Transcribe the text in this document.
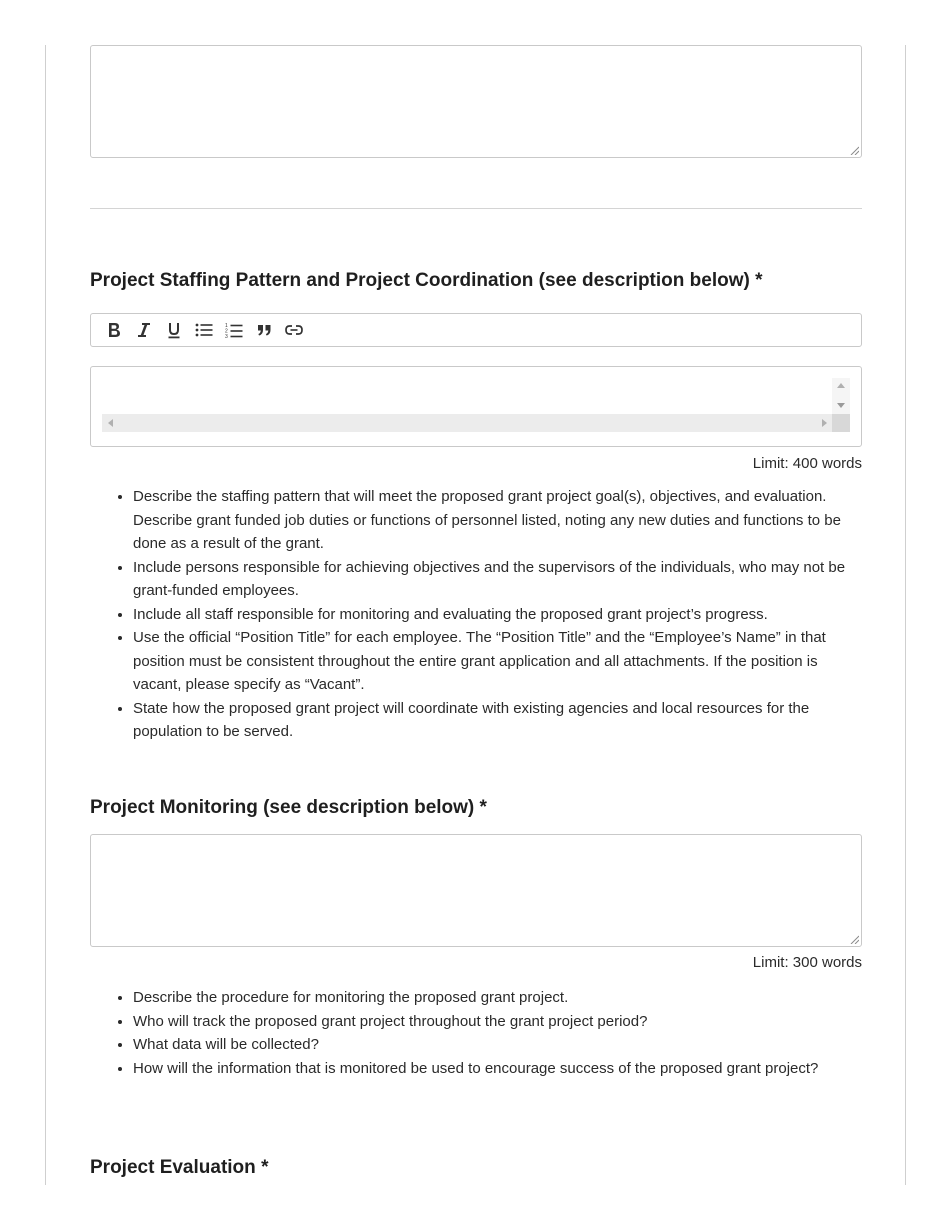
Project Staffing Pattern and Project Coordination (see description below) *
1
2
3
Limit: 400 words
• Describe the staffing pattern that will meet the proposed grant project goal(s), objectives, and evaluation. Describe grant funded job duties or functions of personnel listed, noting any new duties and functions to be done as a result of the grant.
• Include persons responsible for achieving objectives and the supervisors of the individuals, who may not be grant-funded employees.
• Include all staff responsible for monitoring and evaluating the proposed grant project’s progress.
• Use the official “Position Title” for each employee. The “Position Title” and the “Employee’s Name” in that position must be consistent throughout the entire grant application and all attachments. If the position is vacant, please specify as “Vacant”.
• State how the proposed grant project will coordinate with existing agencies and local resources for the population to be served.
Project Monitoring (see description below) *
Limit: 300 words
• Describe the procedure for monitoring the proposed grant project.
• Who will track the proposed grant project throughout the grant project period?
• What data will be collected?
• How will the information that is monitored be used to encourage success of the proposed grant project?
Project Evaluation *
